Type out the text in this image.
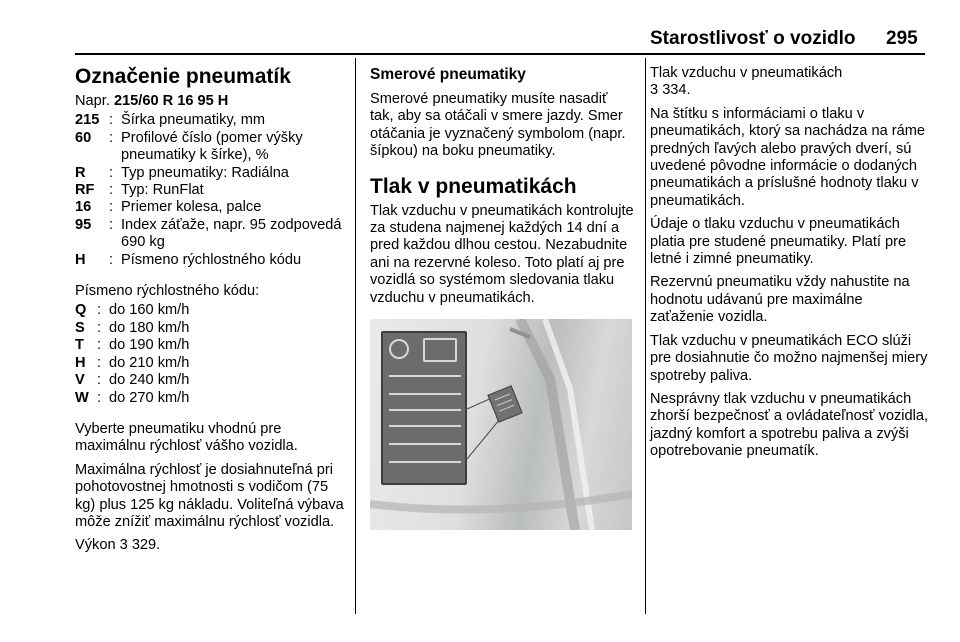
Starostlivosť o vozidlo 295
Označenie pneumatík

Napr. 215/60 R 16 95 H

215 : Šírka pneumatiky, mm
60	: Profilové číslo (pomer výšky pneumatiky k šírke), %
R	: Typ pneumatiky: Radiálna
RF : Typ: RunFlat
16	: Priemer kolesa, palce
95	: Index záťaže, napr. 95 zodpovedá 690 kg
H	: Písmeno rýchlostného kódu

Písmeno rýchlostného kódu:

Q : do 160 km/h
S : do 180 km/h
T : do 190 km/h
H : do 210 km/h
V : do 240 km/h
W : do 270 km/h

Vyberte pneumatiku vhodnú pre maximálnu rýchlosť vášho vozidla.

Maximálna rýchlosť je dosiahnuteľná pri pohotovostnej hmotnosti s vodičom (75 kg) plus 125 kg nákladu. Voliteľná výbava môže znížiť maximálnu rýchlosť vozidla.

Výkon 3 329.

Smerové pneumatiky

Smerové pneumatiky musíte nasadiť tak, aby sa otáčali v smere jazdy. Smer otáčania je vyznačený symbolom (napr. šípkou) na boku pneumatiky.

Tlak v pneumatikách

Tlak vzduchu v pneumatikách kontrolujte za studena najmenej každých 14 dní a pred každou dlhou cestou. Nezabudnite ani na rezervné koleso. Toto platí aj pre vozidlá so systémom sledovania tlaku vzduchu v pneumatikách.

Tlak vzduchu v pneumatikách
3 334.

Na štítku s informáciami o tlaku v pneumatikách, ktorý sa nachádza na ráme predných ľavých alebo pravých dverí, sú uvedené pôvodne informácie o dodaných pneumatikách a príslušné hodnoty tlaku v pneumatikách.

Údaje o tlaku vzduchu v pneumatikách platia pre studené pneumatiky. Platí pre letné i zimné pneumatiky.

Rezervnú pneumatiku vždy nahustite na hodnotu udávanú pre maximálne zaťaženie vozidla.

Tlak vzduchu v pneumatikách ECO slúži pre dosiahnutie čo možno najmenšej miery spotreby paliva.

Nesprávny tlak vzduchu v pneumatikách zhorší bezpečnosť a ovládateľnosť vozidla, jazdný komfort a spotrebu paliva a zvýši opotrebovanie pneumatík.
